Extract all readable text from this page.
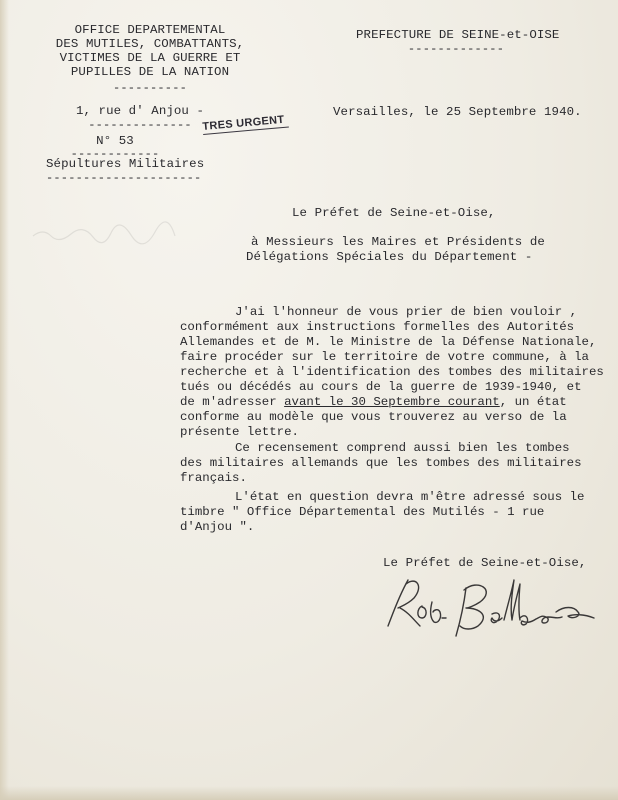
OFFICE DEPARTEMENTAL
DES MUTILES, COMBATTANTS,
VICTIMES DE LA GUERRE ET
PUPILLES DE LA NATION
----------
1, rue d' Anjou -
--------------
N° 53
------------
Sépultures Militaires
---------------------
PREFECTURE DE SEINE-et-OISE
-------------
Versailles, le 25 Septembre 1940.
TRES URGENT
Le Préfet de Seine-et-Oise,
à Messieurs les Maires et Présidents de
Délégations Spéciales du Département -
J'ai l'honneur de vous prier de bien vouloir ,
conformément aux instructions formelles des Autorités
Allemandes et de M. le Ministre de la Défense Nationale,
faire procéder sur le territoire de votre commune, à la
recherche et à l'identification des tombes des militaires
tués ou décédés au cours de la guerre de 1939-1940, et
de m'adresser avant le 30 Septembre courant, un état
conforme au modèle que vous trouverez au verso de la
présente lettre.
Ce recensement comprend aussi bien les tombes
des militaires allemands que les tombes des militaires
français.
L'état en question devra m'être adressé sous le
timbre " Office Départemental des Mutilés - 1 rue
d'Anjou ".
Le Préfet de Seine-et-Oise,
